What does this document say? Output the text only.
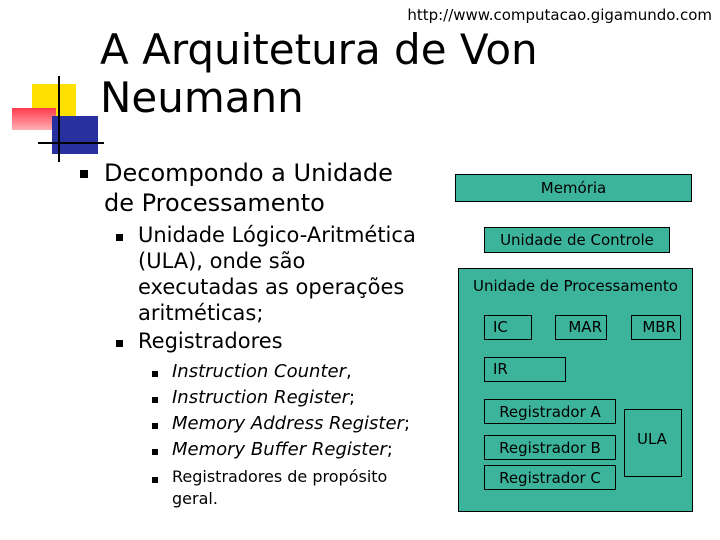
http://www.computacao.gigamundo.com
A Arquitetura de Von
Neumann
Decompondo a Unidade
de Processamento
Unidade Lógico-Aritmética
(ULA), onde são
executadas as operações
aritméticas;
Registradores
Instruction Counter,
Instruction Register;
Memory Address Register;
Memory Buffer Register;
Registradores de propósito
geral.
Memória
Unidade de Controle
Unidade de Processamento
IC	MAR	MBR
IR
Registrador A
Registrador B
Registrador C
ULA
